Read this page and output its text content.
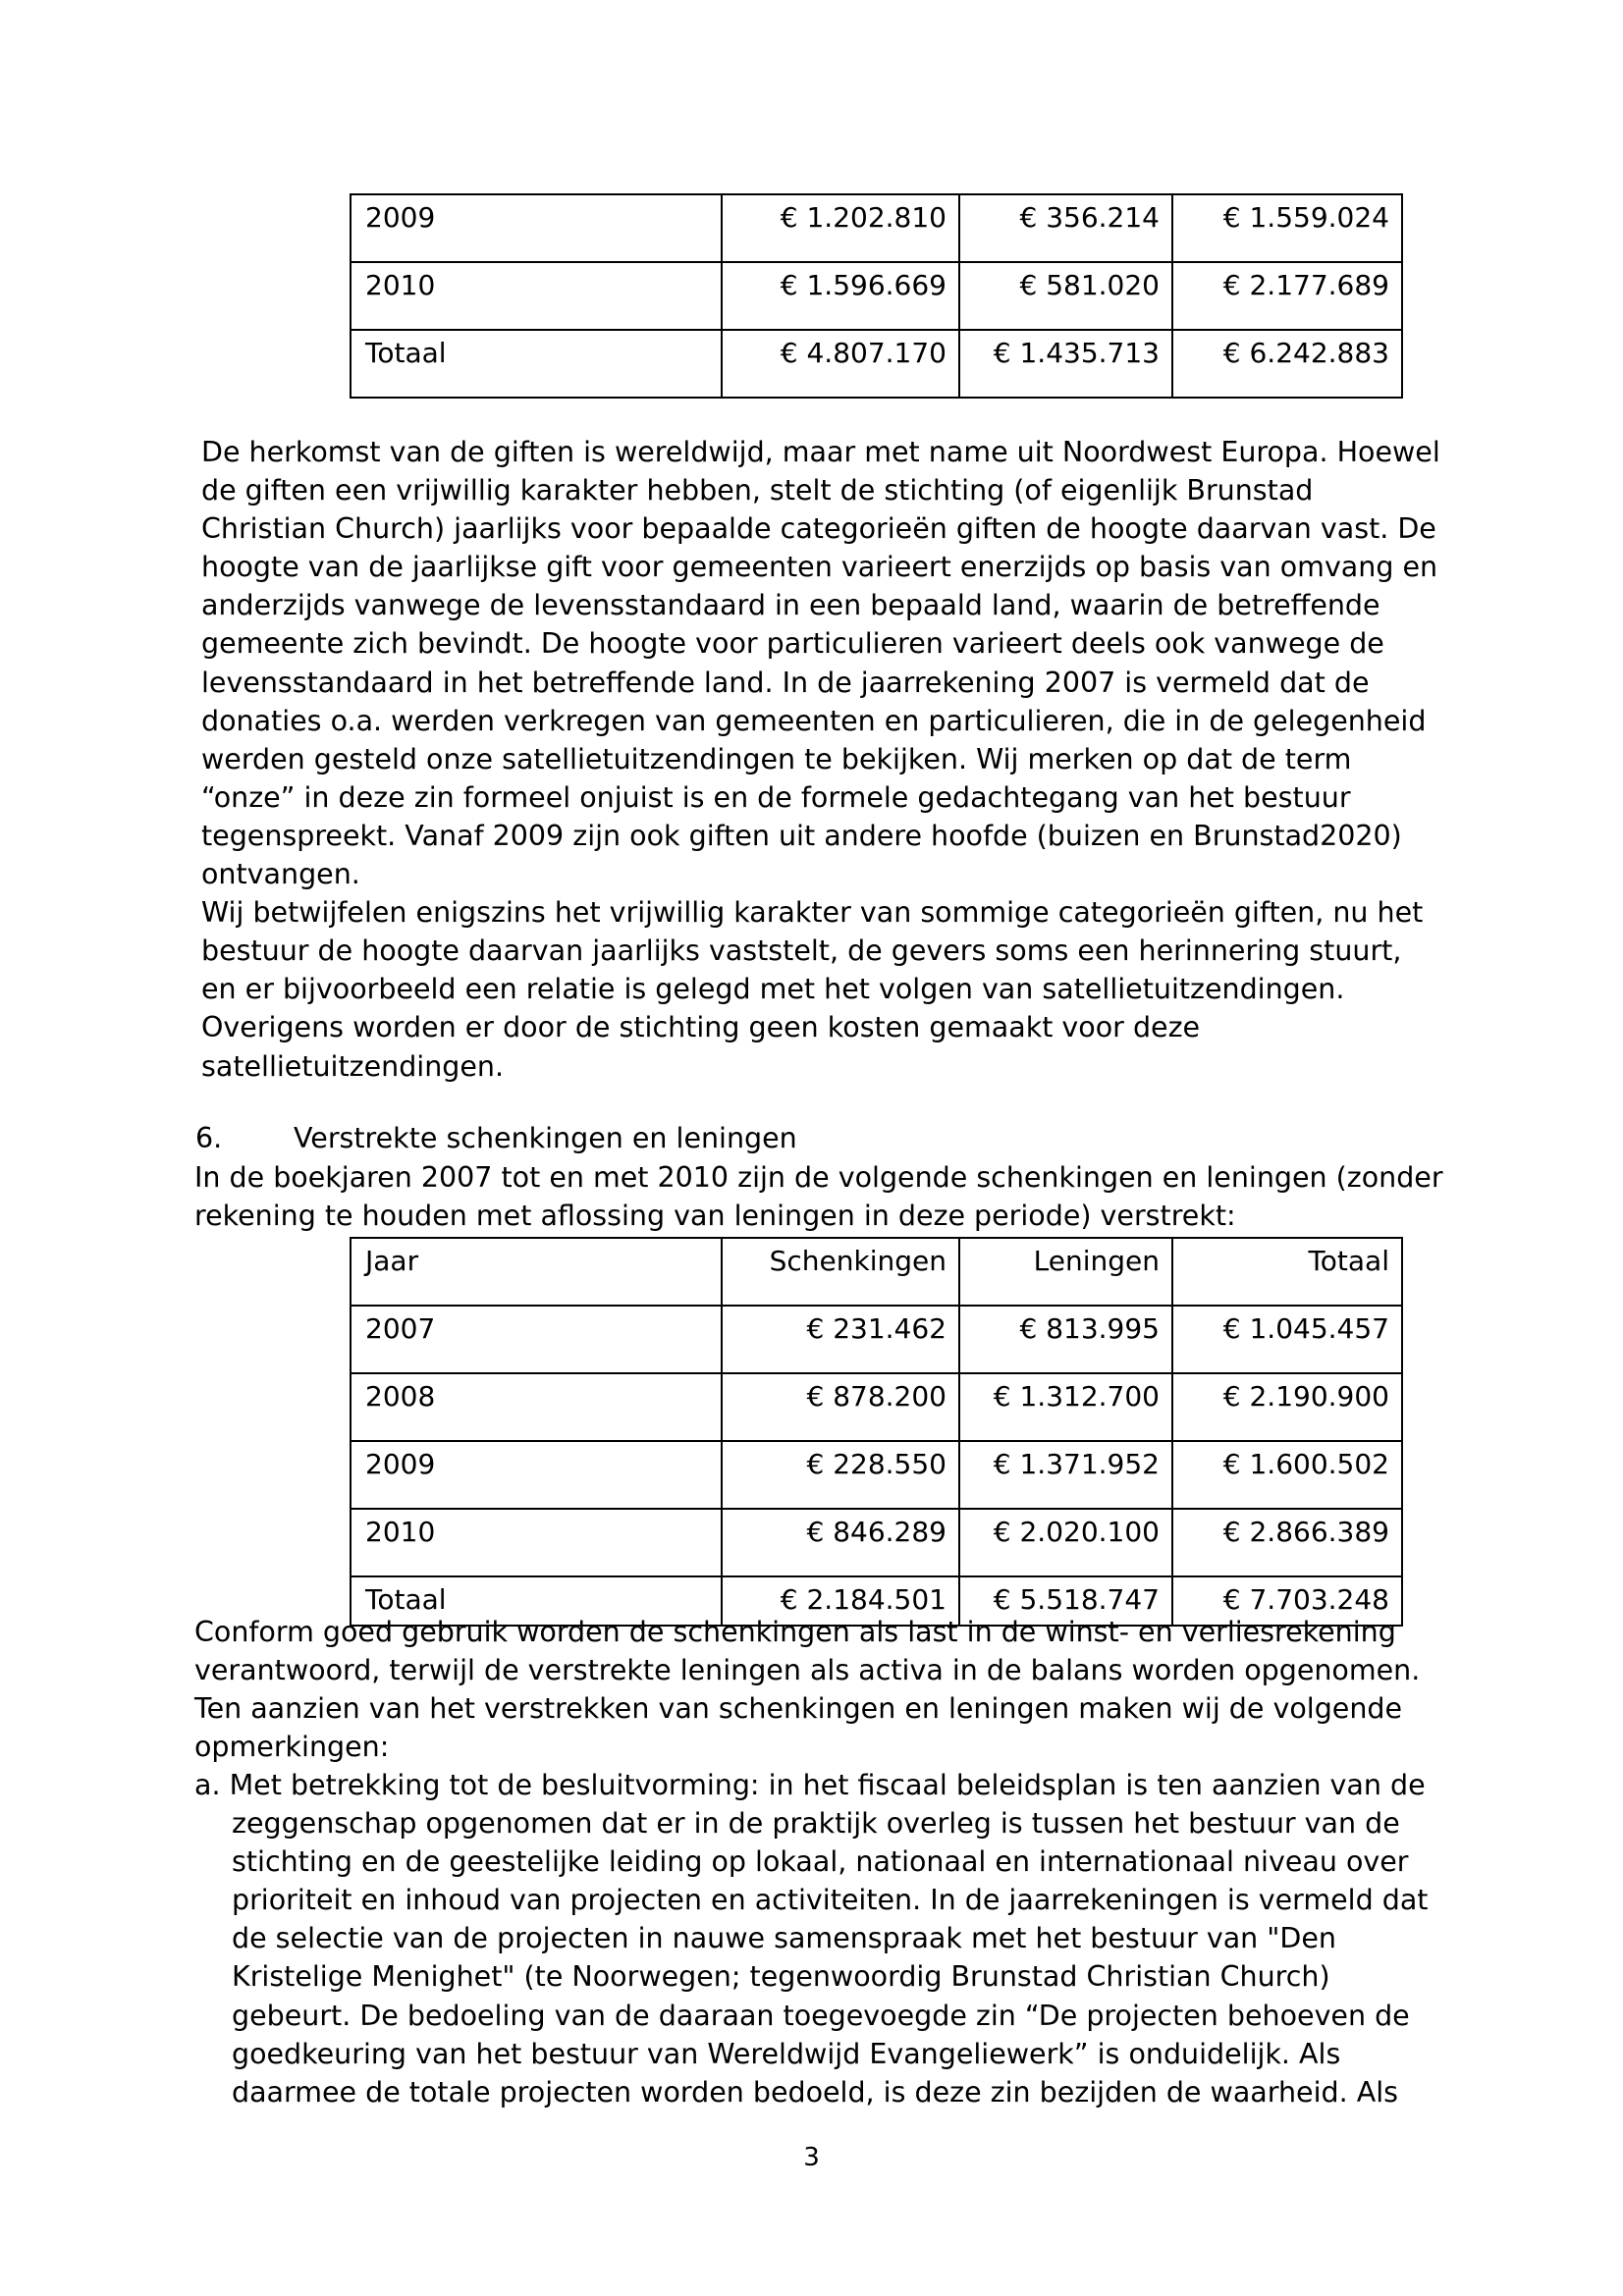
2009	€ 1.202.810	€ 356.214	€ 1.559.024
2010	€ 1.596.669	€ 581.020	€ 2.177.689
Totaal	€ 4.807.170	€ 1.435.713	€ 6.242.883
De herkomst van de giften is wereldwijd, maar met name uit Noordwest Europa. Hoewel
de giften een vrijwillig karakter hebben, stelt de stichting (of eigenlijk Brunstad
Christian Church) jaarlijks voor bepaalde categorieën giften de hoogte daarvan vast. De
hoogte van de jaarlijkse gift voor gemeenten varieert enerzijds op basis van omvang en
anderzijds vanwege de levensstandaard in een bepaald land, waarin de betreffende
gemeente zich bevindt. De hoogte voor particulieren varieert deels ook vanwege de
levensstandaard in het betreffende land. In de jaarrekening 2007 is vermeld dat de
donaties o.a. werden verkregen van gemeenten en particulieren, die in de gelegenheid
werden gesteld onze satellietuitzendingen te bekijken. Wij merken op dat de term
“onze” in deze zin formeel onjuist is en de formele gedachtegang van het bestuur
tegenspreekt. Vanaf 2009 zijn ook giften uit andere hoofde (buizen en Brunstad2020)
ontvangen.
Wij betwijfelen enigszins het vrijwillig karakter van sommige categorieën giften, nu het
bestuur de hoogte daarvan jaarlijks vaststelt, de gevers soms een herinnering stuurt,
en er bijvoorbeeld een relatie is gelegd met het volgen van satellietuitzendingen.
Overigens worden er door de stichting geen kosten gemaakt voor deze
satellietuitzendingen.
6.	Verstrekte schenkingen en leningen
In de boekjaren 2007 tot en met 2010 zijn de volgende schenkingen en leningen (zonder
rekening te houden met aflossing van leningen in deze periode) verstrekt:
Jaar	Schenkingen	Leningen	Totaal
2007	€ 231.462	€ 813.995	€ 1.045.457
2008	€ 878.200	€ 1.312.700	€ 2.190.900
2009	€ 228.550	€ 1.371.952	€ 1.600.502
2010	€ 846.289	€ 2.020.100	€ 2.866.389
Totaal	€ 2.184.501	€ 5.518.747	€ 7.703.248
Conform goed gebruik worden de schenkingen als last in de winst- en verliesrekening
verantwoord, terwijl de verstrekte leningen als activa in de balans worden opgenomen.
Ten aanzien van het verstrekken van schenkingen en leningen maken wij de volgende
opmerkingen:
a. Met betrekking tot de besluitvorming: in het fiscaal beleidsplan is ten aanzien van de
zeggenschap opgenomen dat er in de praktijk overleg is tussen het bestuur van de
stichting en de geestelijke leiding op lokaal, nationaal en internationaal niveau over
prioriteit en inhoud van projecten en activiteiten. In de jaarrekeningen is vermeld dat
de selectie van de projecten in nauwe samenspraak met het bestuur van "Den
Kristelige Menighet" (te Noorwegen; tegenwoordig Brunstad Christian Church)
gebeurt. De bedoeling van de daaraan toegevoegde zin “De projecten behoeven de
goedkeuring van het bestuur van Wereldwijd Evangeliewerk” is onduidelijk. Als
daarmee de totale projecten worden bedoeld, is deze zin bezijden de waarheid. Als
3
